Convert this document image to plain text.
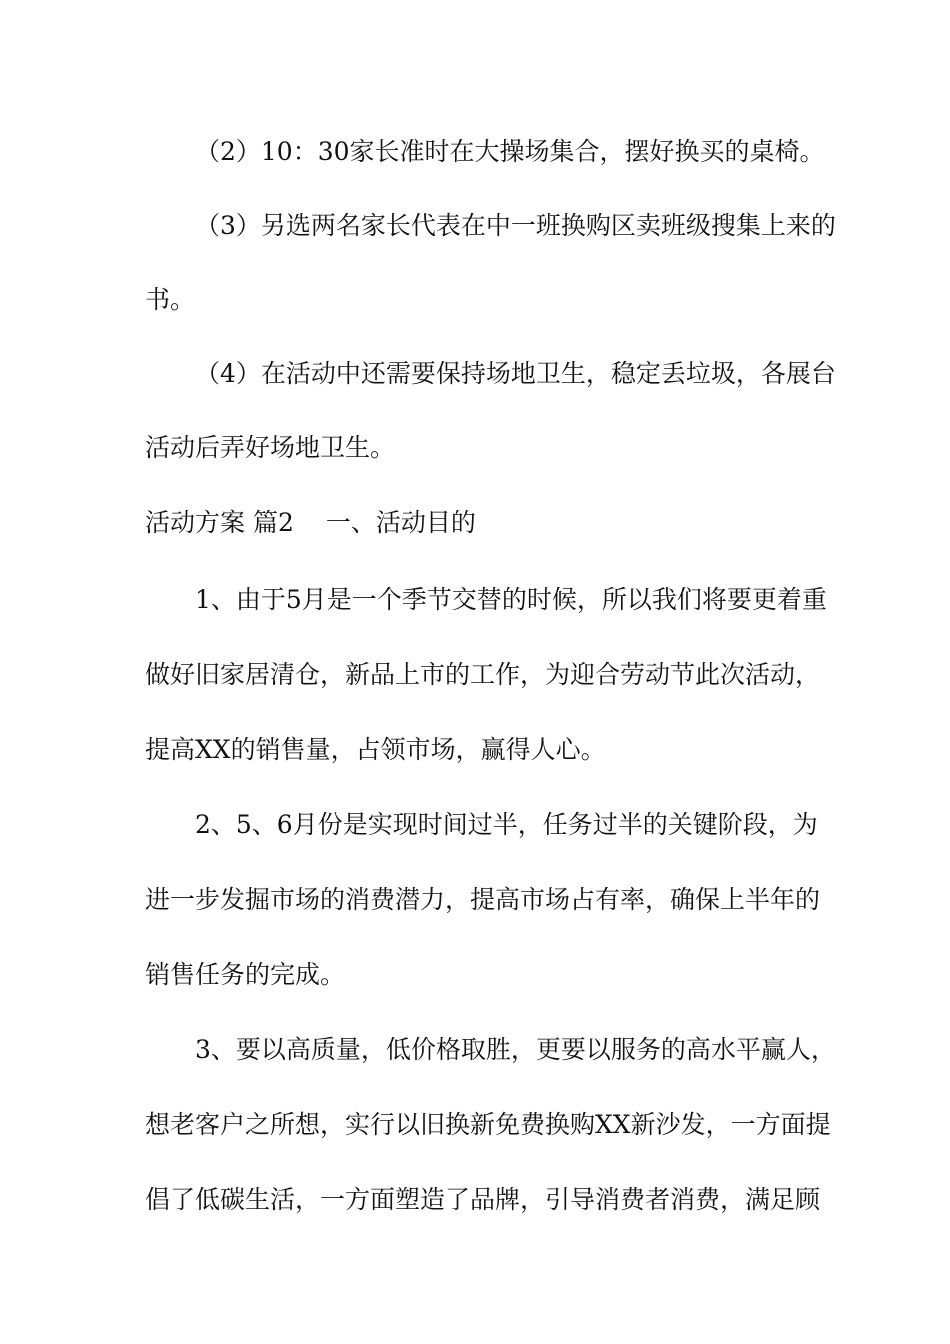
（2）10：30家长准时在大操场集合，摆好换买的桌椅。
（3）另选两名家长代表在中一班换购区卖班级搜集上来的
书。
（4）在活动中还需要保持场地卫生，稳定丢垃圾，各展台
活动后弄好场地卫生。
活动方案 篇2 一、活动目的
1、由于5月是一个季节交替的时候，所以我们将要更着重
做好旧家居清仓，新品上市的工作，为迎合劳动节此次活动，
提高XX的销售量，占领市场，赢得人心。
2、5、6月份是实现时间过半，任务过半的关键阶段，为
进一步发掘市场的消费潜力，提高市场占有率，确保上半年的
销售任务的完成。
3、要以高质量，低价格取胜，更要以服务的高水平赢人，
想老客户之所想，实行以旧换新免费换购XX新沙发，一方面提
倡了低碳生活，一方面塑造了品牌，引导消费者消费，满足顾
